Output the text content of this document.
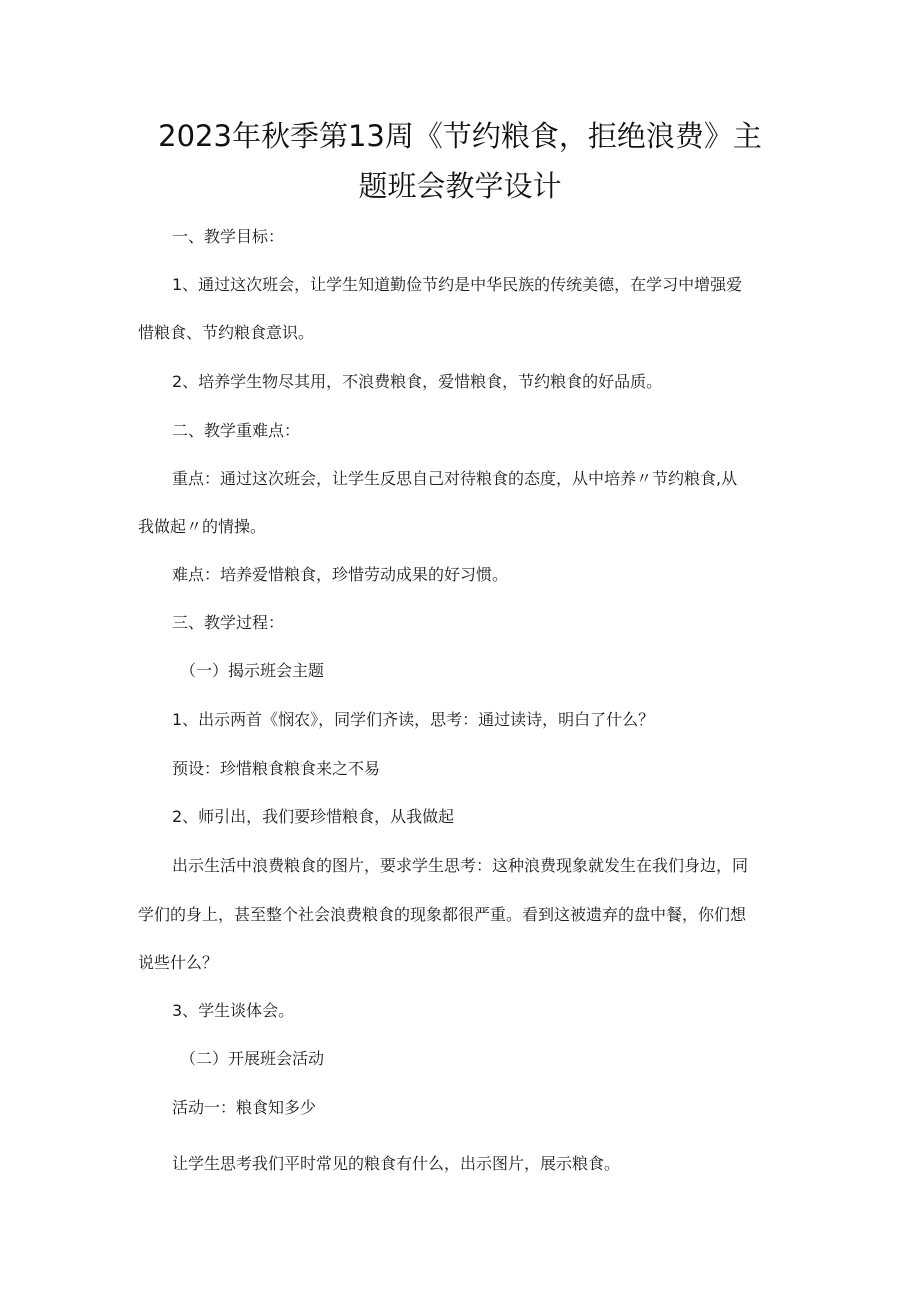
2023年秋季第13周《节约粮食，拒绝浪费》主
题班会教学设计
一、教学目标：
1、通过这次班会，让学生知道勤俭节约是中华民族的传统美德，在学习中增强爱
惜粮食、节约粮食意识。
2、培养学生物尽其用，不浪费粮食，爱惜粮食，节约粮食的好品质。
二、教学重难点：
重点：通过这次班会，让学生反思自己对待粮食的态度，从中培养〃节约粮食,从
我做起〃的情操。
难点：培养爱惜粮食，珍惜劳动成果的好习惯。
三、教学过程：
（一）揭示班会主题
1、出示两首《悯农》，同学们齐读，思考：通过读诗，明白了什么？
预设：珍惜粮食粮食来之不易
2、师引出，我们要珍惜粮食，从我做起
出示生活中浪费粮食的图片，要求学生思考：这种浪费现象就发生在我们身边，同
学们的身上，甚至整个社会浪费粮食的现象都很严重。看到这被遗弃的盘中餐，你们想
说些什么？
3、学生谈体会。
（二）开展班会活动
活动一：粮食知多少
让学生思考我们平时常见的粮食有什么，出示图片，展示粮食。
